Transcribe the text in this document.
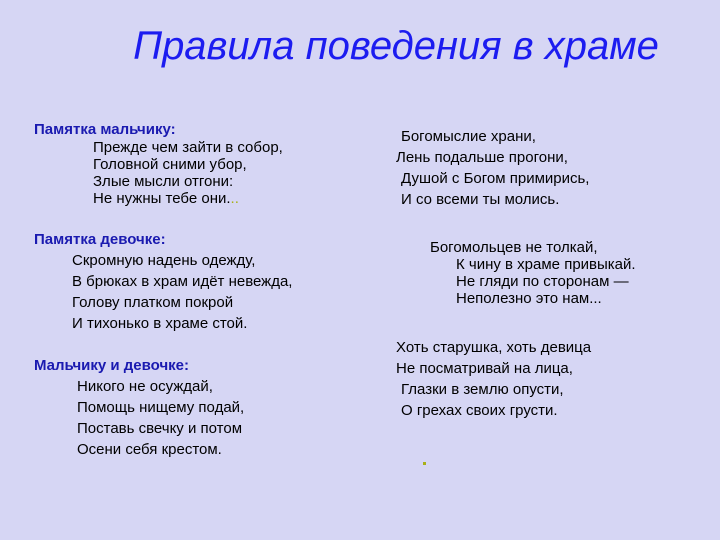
Правила поведения в храме
Памятка мальчику:
Прежде чем зайти в собор,
Головной сними убор,
Злые мысли отгони:
Не нужны тебе они...
Памятка девочке:
Скромную надень одежду,
В брюках в храм идёт невежда,
Голову платком покрой
И тихонько в храме стой.
Мальчику и девочке:
Никого не осуждай,
Помощь нищему подай,
Поставь свечку и потом
Осени себя крестом.
Богомыслие храни,
Лень подальше прогони,
Душой с Богом примирись,
И со всеми ты молись.
Богомольцев не толкай,
К чину в храме привыкай.
Не гляди по сторонам —
Неполезно это нам...
Хоть старушка, хоть девица
Не посматривай на лица,
Глазки в землю опусти,
О грехах своих грусти.
